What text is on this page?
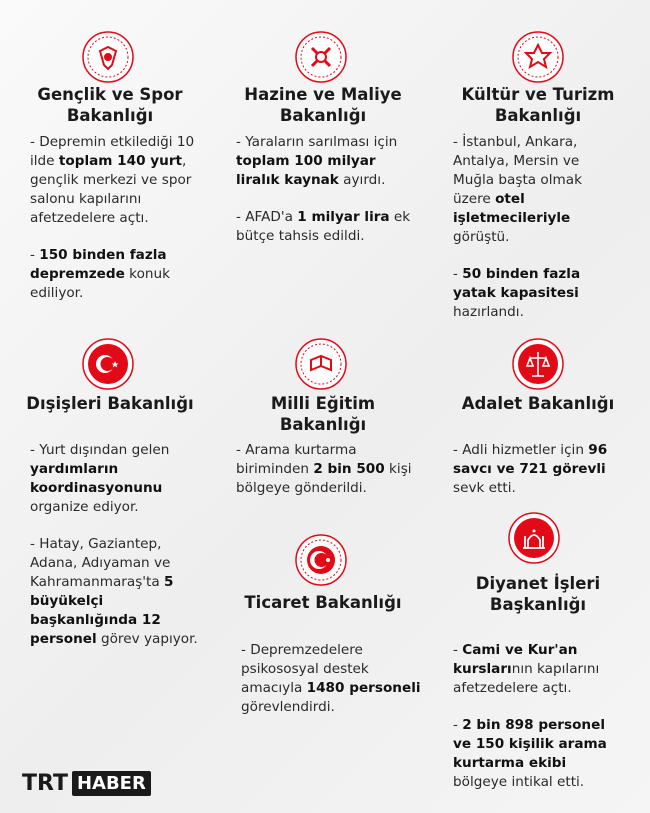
Gençlik ve Spor
Bakanlığı

- Depremin etkilediği 10 ilde toplam 140 yurt, gençlik merkezi ve spor salonu kapılarını afetzedelere açtı.

- 150 binden fazla depremzede konuk ediliyor.

Hazine ve Maliye
Bakanlığı

- Yaraların sarılması için toplam 100 milyar liralık kaynak ayırdı.

- AFAD'a 1 milyar lira ek bütçe tahsis edildi.

Kültür ve Turizm
Bakanlığı

- İstanbul, Ankara, Antalya, Mersin ve Muğla başta olmak üzere otel işletmecileriyle görüştü.

- 50 binden fazla yatak kapasitesi hazırlandı.

Dışişleri Bakanlığı

- Yurt dışından gelen yardımların koordinasyonunu organize ediyor.

- Hatay, Gaziantep, Adana, Adıyaman ve Kahramanmaraş'ta 5 büyükelçi başkanlığında 12 personel görev yapıyor.

Milli Eğitim
Bakanlığı

- Arama kurtarma biriminden 2 bin 500 kişi bölgeye gönderildi.

Adalet Bakanlığı

- Adli hizmetler için 96 savcı ve 721 görevli sevk etti.

Ticaret Bakanlığı

- Depremzedelere psikososyal destek amacıyla 1480 personeli görevlendirdi.

Diyanet İşleri
Başkanlığı

- Cami ve Kur'an kurslarının kapılarını afetzedelere açtı.

- 2 bin 898 personel ve 150 kişilik arama kurtarma ekibi bölgeye intikal etti.

TRT HABER
